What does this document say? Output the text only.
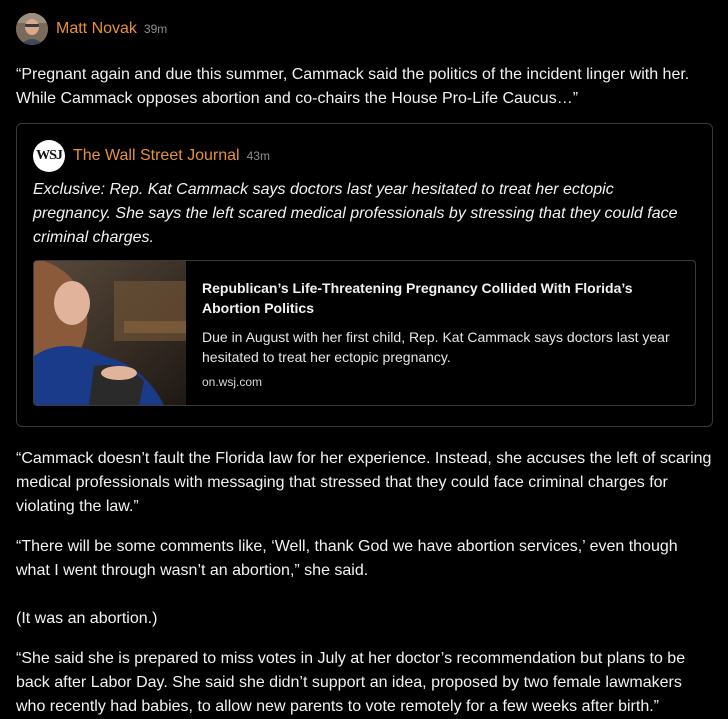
Matt Novak 39m

“Pregnant again and due this summer, Cammack said the politics of the incident linger with her. While Cammack opposes abortion and co-chairs the House Pro-Life Caucus…”

WSJ The Wall Street Journal 43m
Exclusive: Rep. Kat Cammack says doctors last year hesitated to treat her ectopic pregnancy. She says the left scared medical professionals by stressing that they could face criminal charges.
Republican’s Life-Threatening Pregnancy Collided With Florida’s Abortion Politics
Due in August with her first child, Rep. Kat Cammack says doctors last year hesitated to treat her ectopic pregnancy.
on.wsj.com

“Cammack doesn’t fault the Florida law for her experience. Instead, she accuses the left of scaring medical professionals with messaging that stressed that they could face criminal charges for violating the law.”

“There will be some comments like, ‘Well, thank God we have abortion services,’ even though what I went through wasn’t an abortion,” she said.

(It was an abortion.)

“She said she is prepared to miss votes in July at her doctor’s recommendation but plans to be back after Labor Day. She said she didn’t support an idea, proposed by two female lawmakers who recently had babies, to allow new parents to vote remotely for a few weeks after birth.”
